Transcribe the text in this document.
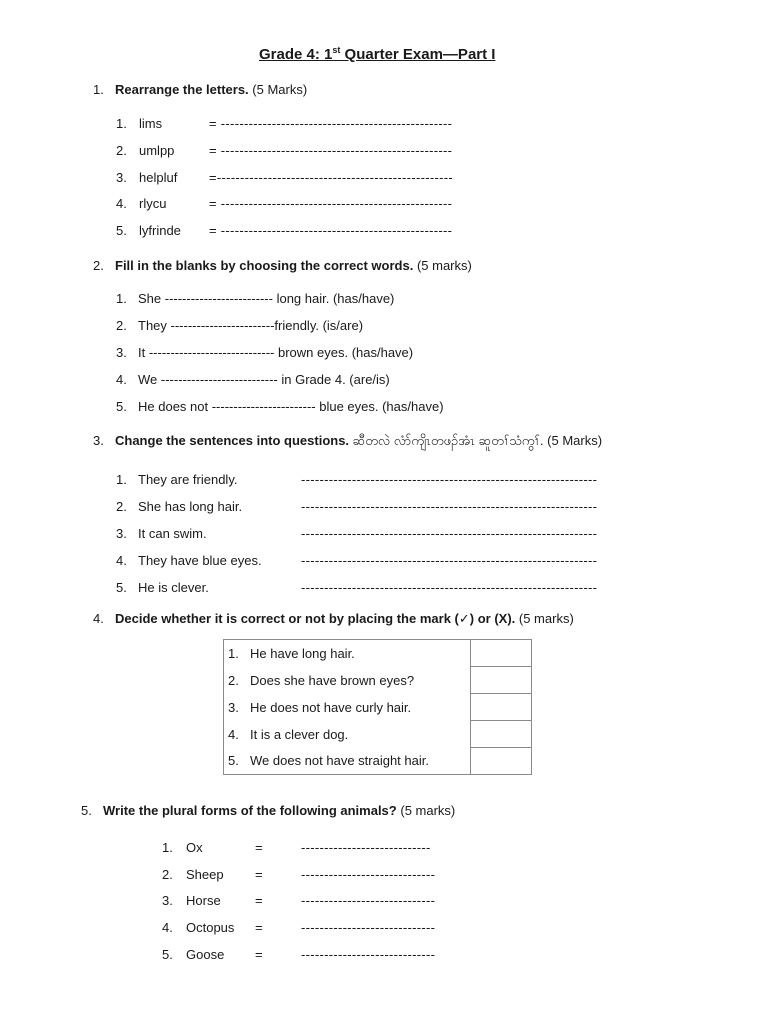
Grade 4: 1st Quarter Exam—Part I
1. Rearrange the letters. (5 Marks)
1. lims	= --------------------------------------------------
2. umlpp	= --------------------------------------------------
3. helpluf =---------------------------------------------------
4. rlycu	= --------------------------------------------------
5. lyfrinde = --------------------------------------------------
2. Fill in the blanks by choosing the correct words. (5 marks)
1. She ------------------------- long hair. (has/have)
2. They ------------------------friendly. (is/are)
3. It ----------------------------- brown eyes. (has/have)
4. We --------------------------- in Grade 4. (are/is)
5. He does not ------------------------ blue eyes. (has/have)
3. Change the sentences into questions. ဆီတလဲ လံာ်ကျိၤတဖၣ်အံၤ ဆူတၢ်သံကွၢ်. (5 Marks)
1. They are friendly.	----------------------------------------------------------------
2. She has long hair.	----------------------------------------------------------------
3. It can swim.	----------------------------------------------------------------
4. They have blue eyes.	----------------------------------------------------------------
5. He is clever.	----------------------------------------------------------------
4. Decide whether it is correct or not by placing the mark (✓) or (X). (5 marks)
1. He have long hair.	
2. Does she have brown eyes?	
3. He does not have curly hair.	
4. It is a clever dog.	
5. We does not have straight hair.	
5. Write the plural forms of the following animals? (5 marks)
1. Ox	=	----------------------------
2. Sheep =	-----------------------------
3. Horse	=	-----------------------------
4. Octopus =	-----------------------------
5. Goose =	-----------------------------
